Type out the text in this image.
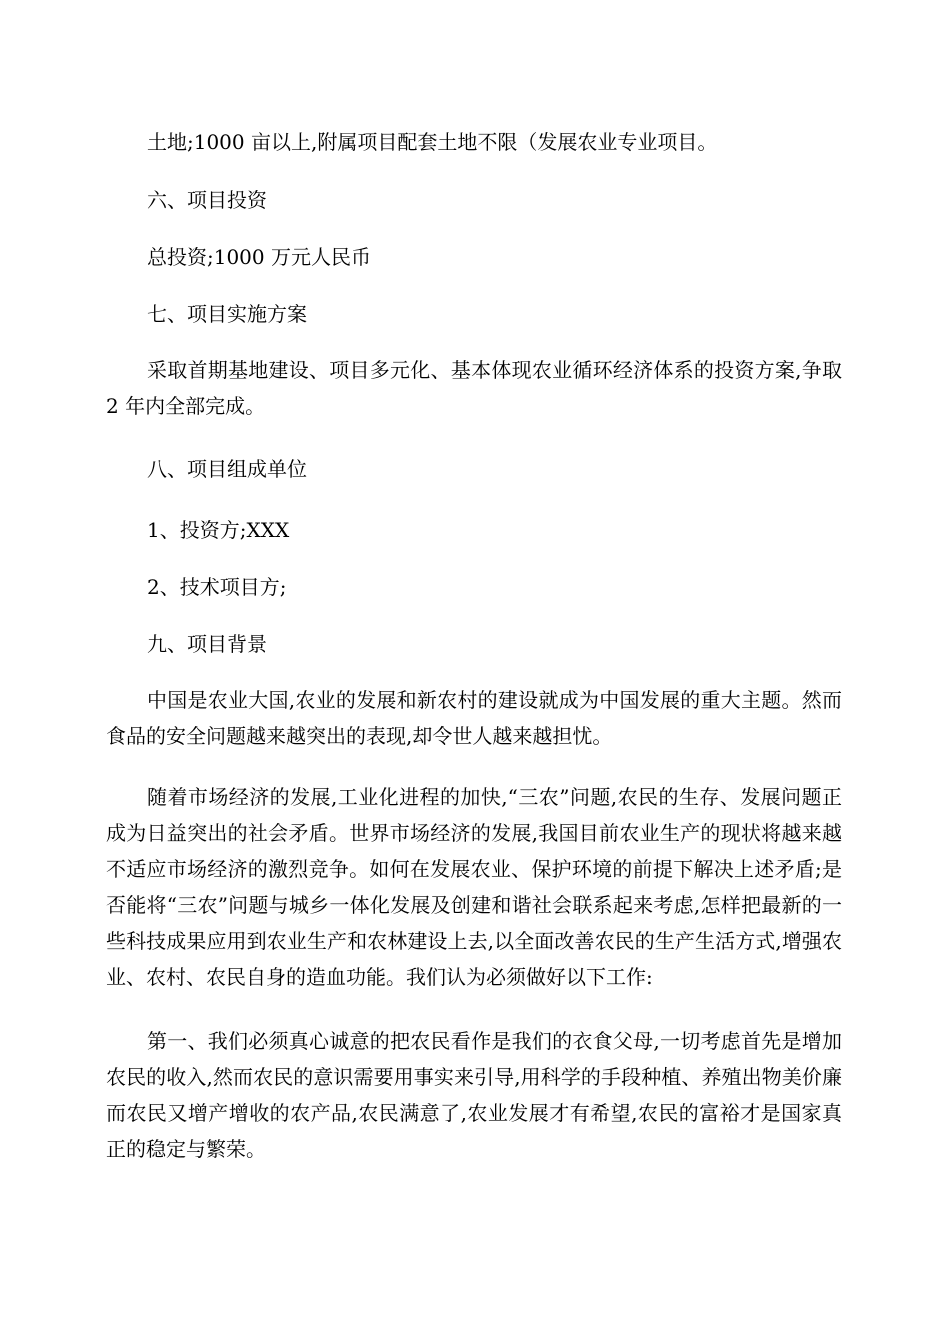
土地;1000 亩以上,附属项目配套土地不限（发展农业专业项目。

六、项目投资

总投资;1000 万元人民币

七、项目实施方案

采取首期基地建设、项目多元化、基本体现农业循环经济体系的投资方案,争取 2 年内全部完成。

八、项目组成单位

1、投资方;XXX

2、技术项目方;

九、项目背景

中国是农业大国,农业的发展和新农村的建设就成为中国发展的重大主题。然而食品的安全问题越来越突出的表现,却令世人越来越担忧。

随着市场经济的发展,工业化进程的加快,“三农”问题,农民的生存、发展问题正成为日益突出的社会矛盾。世界市场经济的发展,我国目前农业生产的现状将越来越不适应市场经济的激烈竞争。如何在发展农业、保护环境的前提下解决上述矛盾;是否能将“三农”问题与城乡一体化发展及创建和谐社会联系起来考虑,怎样把最新的一些科技成果应用到农业生产和农林建设上去,以全面改善农民的生产生活方式,增强农业、农村、农民自身的造血功能。我们认为必须做好以下工作:

第一、我们必须真心诚意的把农民看作是我们的衣食父母,一切考虑首先是增加农民的收入,然而农民的意识需要用事实来引导,用科学的手段种植、养殖出物美价廉而农民又增产增收的农产品,农民满意了,农业发展才有希望,农民的富裕才是国家真正的稳定与繁荣。
